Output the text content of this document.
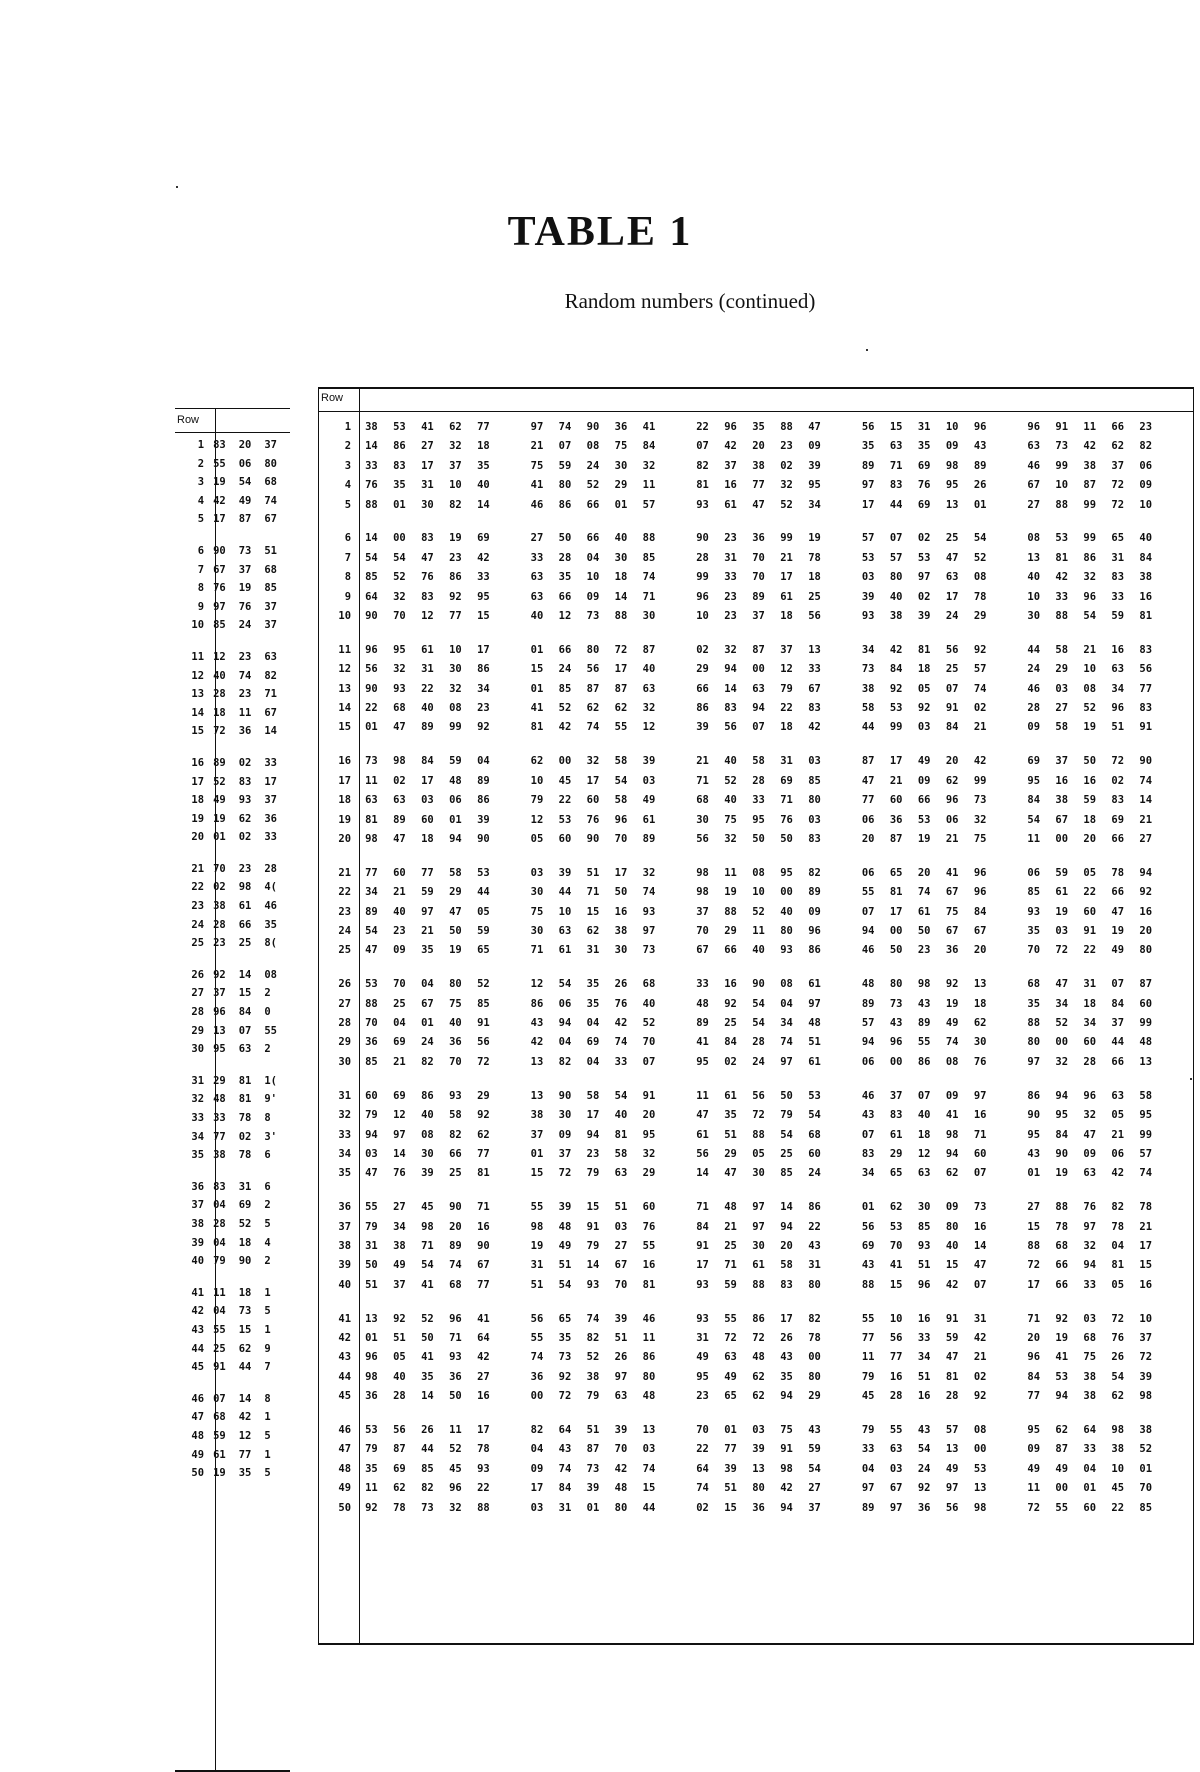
TABLE 1
Random numbers (continued)
Row
1 83	20	37
2 55	06	80
3 19	54	68
4 42	49	74
5 17	87	67
6 90	73	51
7 67	37	68
8 76	19	85
9 97	76	37
10 85	24	37
11 12	23	63
12 40	74	82
13 28	23	71
14 18	11	67
15 72	36	14
16 89	02	33
17 52	83	17
18 49	93	37
19 19	62	36
20 01	02	33
21 70	23	28
22 02	98	4(
23 38	61	46
24 28	66	35
25 23	25	8(
26 92	14	08
27 37	15	2
28 96	84	0
29 13	07	55
30 95	63	2
31 29	81	1(
32 48	81	9'
33 33	78	8
34 77	02	3'
35 38	78	6
36 83	31	6
37 04	69	2
38 28	52	5
39 04	18	4
40 79	90	2
41 11	18	1
42 04	73	5
43 55	15	1
44 25	62	9
45 91	44	7
46 07	14	8
47 68	42	1
48 59	12	5
49 61	77	1
50 19	35	5
Row
1	38	53	41	62	77	97	74	90	36	41	22	96	35	88	47	56	15	31	10	96	96	91	11	66	23
2	14	86	27	32	18	21	07	08	75	84	07	42	20	23	09	35	63	35	09	43	63	73	42	62	82
3	33	83	17	37	35	75	59	24	30	32	82	37	38	02	39	89	71	69	98	89	46	99	38	37	06
4	76	35	31	10	40	41	80	52	29	11	81	16	77	32	95	97	83	76	95	26	67	10	87	72	09
5	88	01	30	82	14	46	86	66	01	57	93	61	47	52	34	17	44	69	13	01	27	88	99	72	10
6	14	00	83	19	69	27	50	66	40	88	90	23	36	99	19	57	07	02	25	54	08	53	99	65	40
7	54	54	47	23	42	33	28	04	30	85	28	31	70	21	78	53	57	53	47	52	13	81	86	31	84
8	85	52	76	86	33	63	35	10	18	74	99	33	70	17	18	03	80	97	63	08	40	42	32	83	38
9	64	32	83	92	95	63	66	09	14	71	96	23	89	61	25	39	40	02	17	78	10	33	96	33	16
10	90	70	12	77	15	40	12	73	88	30	10	23	37	18	56	93	38	39	24	29	30	88	54	59	81
11	96	95	61	10	17	01	66	80	72	87	02	32	87	37	13	34	42	81	56	92	44	58	21	16	83
12	56	32	31	30	86	15	24	56	17	40	29	94	00	12	33	73	84	18	25	57	24	29	10	63	56
13	90	93	22	32	34	01	85	87	87	63	66	14	63	79	67	38	92	05	07	74	46	03	08	34	77
14	22	68	40	08	23	41	52	62	62	32	86	83	94	22	83	58	53	92	91	02	28	27	52	96	83
15	01	47	89	99	92	81	42	74	55	12	39	56	07	18	42	44	99	03	84	21	09	58	19	51	91
16	73	98	84	59	04	62	00	32	58	39	21	40	58	31	03	87	17	49	20	42	69	37	50	72	90
17	11	02	17	48	89	10	45	17	54	03	71	52	28	69	85	47	21	09	62	99	95	16	16	02	74
18	63	63	03	06	86	79	22	60	58	49	68	40	33	71	80	77	60	66	96	73	84	38	59	83	14
19	81	89	60	01	39	12	53	76	96	61	30	75	95	76	03	06	36	53	06	32	54	67	18	69	21
20	98	47	18	94	90	05	60	90	70	89	56	32	50	50	83	20	87	19	21	75	11	00	20	66	27
21	77	60	77	58	53	03	39	51	17	32	98	11	08	95	82	06	65	20	41	96	06	59	05	78	94
22	34	21	59	29	44	30	44	71	50	74	98	19	10	00	89	55	81	74	67	96	85	61	22	66	92
23	89	40	97	47	05	75	10	15	16	93	37	88	52	40	09	07	17	61	75	84	93	19	60	47	16
24	54	23	21	50	59	30	63	62	38	97	70	29	11	80	96	94	00	50	67	67	35	03	91	19	20
25	47	09	35	19	65	71	61	31	30	73	67	66	40	93	86	46	50	23	36	20	70	72	22	49	80
26	53	70	04	80	52	12	54	35	26	68	33	16	90	08	61	48	80	98	92	13	68	47	31	07	87
27	88	25	67	75	85	86	06	35	76	40	48	92	54	04	97	89	73	43	19	18	35	34	18	84	60
28	70	04	01	40	91	43	94	04	42	52	89	25	54	34	48	57	43	89	49	62	88	52	34	37	99
29	36	69	24	36	56	42	04	69	74	70	41	84	28	74	51	94	96	55	74	30	80	00	60	44	48
30	85	21	82	70	72	13	82	04	33	07	95	02	24	97	61	06	00	86	08	76	97	32	28	66	13
31	60	69	86	93	29	13	90	58	54	91	11	61	56	50	53	46	37	07	09	97	86	94	96	63	58
32	79	12	40	58	92	38	30	17	40	20	47	35	72	79	54	43	83	40	41	16	90	95	32	05	95
33	94	97	08	82	62	37	09	94	81	95	61	51	88	54	68	07	61	18	98	71	95	84	47	21	99
34	03	14	30	66	77	01	37	23	58	32	56	29	05	25	60	83	29	12	94	60	43	90	09	06	57
35	47	76	39	25	81	15	72	79	63	29	14	47	30	85	24	34	65	63	62	07	01	19	63	42	74
36	55	27	45	90	71	55	39	15	51	60	71	48	97	14	86	01	62	30	09	73	27	88	76	82	78
37	79	34	98	20	16	98	48	91	03	76	84	21	97	94	22	56	53	85	80	16	15	78	97	78	21
38	31	38	71	89	90	19	49	79	27	55	91	25	30	20	43	69	70	93	40	14	88	68	32	04	17
39	50	49	54	74	67	31	51	14	67	16	17	71	61	58	31	43	41	51	15	47	72	66	94	81	15
40	51	37	41	68	77	51	54	93	70	81	93	59	88	83	80	88	15	96	42	07	17	66	33	05	16
41	13	92	52	96	41	56	65	74	39	46	93	55	86	17	82	55	10	16	91	31	71	92	03	72	10
42	01	51	50	71	64	55	35	82	51	11	31	72	72	26	78	77	56	33	59	42	20	19	68	76	37
43	96	05	41	93	42	74	73	52	26	86	49	63	48	43	00	11	77	34	47	21	96	41	75	26	72
44	98	40	35	36	27	36	92	38	97	80	95	49	62	35	80	79	16	51	81	02	84	53	38	54	39
45	36	28	14	50	16	00	72	79	63	48	23	65	62	94	29	45	28	16	28	92	77	94	38	62	98
46	53	56	26	11	17	82	64	51	39	13	70	01	03	75	43	79	55	43	57	08	95	62	64	98	38
47	79	87	44	52	78	04	43	87	70	03	22	77	39	91	59	33	63	54	13	00	09	87	33	38	52
48	35	69	85	45	93	09	74	73	42	74	64	39	13	98	54	04	03	24	49	53	49	49	04	10	01
49	11	62	82	96	22	17	84	39	48	15	74	51	80	42	27	97	67	92	97	13	11	00	01	45	70
50	92	78	73	32	88	03	31	01	80	44	02	15	36	94	37	89	97	36	56	98	72	55	60	22	85
